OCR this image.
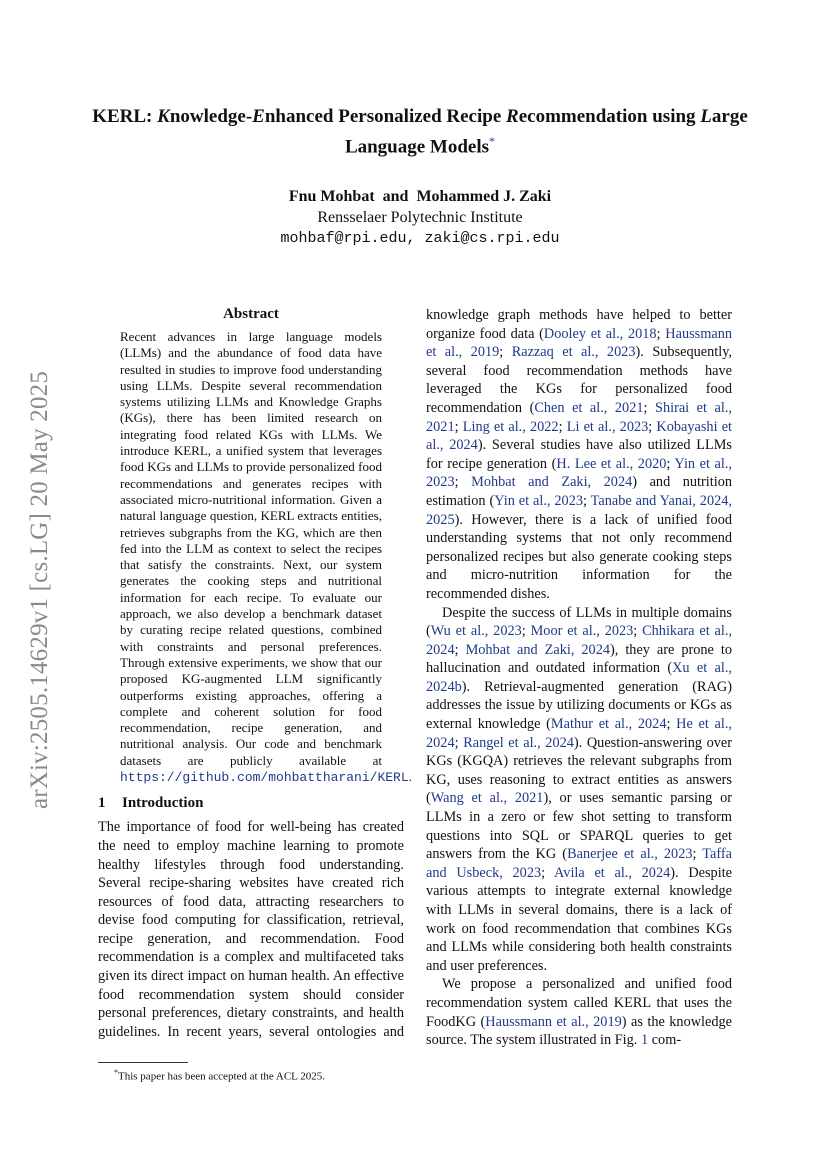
arXiv:2505.14629v1 [cs.LG] 20 May 2025
KERL: Knowledge-Enhanced Personalized Recipe Recommendation using Large Language Models*
Fnu Mohbat  and  Mohammed J. Zaki
Rensselaer Polytechnic Institute
mohbaf@rpi.edu, zaki@cs.rpi.edu
Abstract
Recent advances in large language models (LLMs) and the abundance of food data have resulted in studies to improve food understanding using LLMs. Despite several recommendation systems utilizing LLMs and Knowledge Graphs (KGs), there has been limited research on integrating food related KGs with LLMs. We introduce KERL, a unified system that leverages food KGs and LLMs to provide personalized food recommendations and generates recipes with associated micro-nutritional information. Given a natural language question, KERL extracts entities, retrieves subgraphs from the KG, which are then fed into the LLM as context to select the recipes that satisfy the constraints. Next, our system generates the cooking steps and nutritional information for each recipe. To evaluate our approach, we also develop a benchmark dataset by curating recipe related questions, combined with constraints and personal preferences. Through extensive experiments, we show that our proposed KG-augmented LLM significantly outperforms existing approaches, offering a complete and coherent solution for food recommendation, recipe generation, and nutritional analysis. Our code and benchmark datasets are publicly available at https://github.com/mohbattharani/KERL.
1 Introduction

The importance of food for well-being has created the need to employ machine learning to promote healthy lifestyles through food understanding. Several recipe-sharing websites have created rich resources of food data, attracting researchers to devise food computing for classification, retrieval, recipe generation, and recommendation. Food recommendation is a complex and multifaceted taks given its direct impact on human health. An effective food recommendation system should consider personal preferences, dietary constraints, and health guidelines. In recent years, several ontologies and

knowledge graph methods have helped to better organize food data (Dooley et al., 2018; Haussmann et al., 2019; Razzaq et al., 2023). Subsequently, several food recommendation methods have leveraged the KGs for personalized food recommendation (Chen et al., 2021; Shirai et al., 2021; Ling et al., 2022; Li et al., 2023; Kobayashi et al., 2024). Several studies have also utilized LLMs for recipe generation (H. Lee et al., 2020; Yin et al., 2023; Mohbat and Zaki, 2024) and nutrition estimation (Yin et al., 2023; Tanabe and Yanai, 2024, 2025). However, there is a lack of unified food understanding systems that not only recommend personalized recipes but also generate cooking steps and micro-nutrition information for the recommended dishes.

Despite the success of LLMs in multiple domains (Wu et al., 2023; Moor et al., 2023; Chhikara et al., 2024; Mohbat and Zaki, 2024), they are prone to hallucination and outdated information (Xu et al., 2024b). Retrieval-augmented generation (RAG) addresses the issue by utilizing documents or KGs as external knowledge (Mathur et al., 2024; He et al., 2024; Rangel et al., 2024). Question-answering over KGs (KGQA) retrieves the relevant subgraphs from KG, uses reasoning to extract entities as answers (Wang et al., 2021), or uses semantic parsing or LLMs in a zero or few shot setting to transform questions into SQL or SPARQL queries to get answers from the KG (Banerjee et al., 2023; Taffa and Usbeck, 2023; Avila et al., 2024). Despite various attempts to integrate external knowledge with LLMs in several domains, there is a lack of work on food recommendation that combines KGs and LLMs while considering both health constraints and user preferences.

We propose a personalized and unified food recommendation system called KERL that uses the FoodKG (Haussmann et al., 2019) as the knowledge source. The system illustrated in Fig. 1 com-

*This paper has been accepted at the ACL 2025.
